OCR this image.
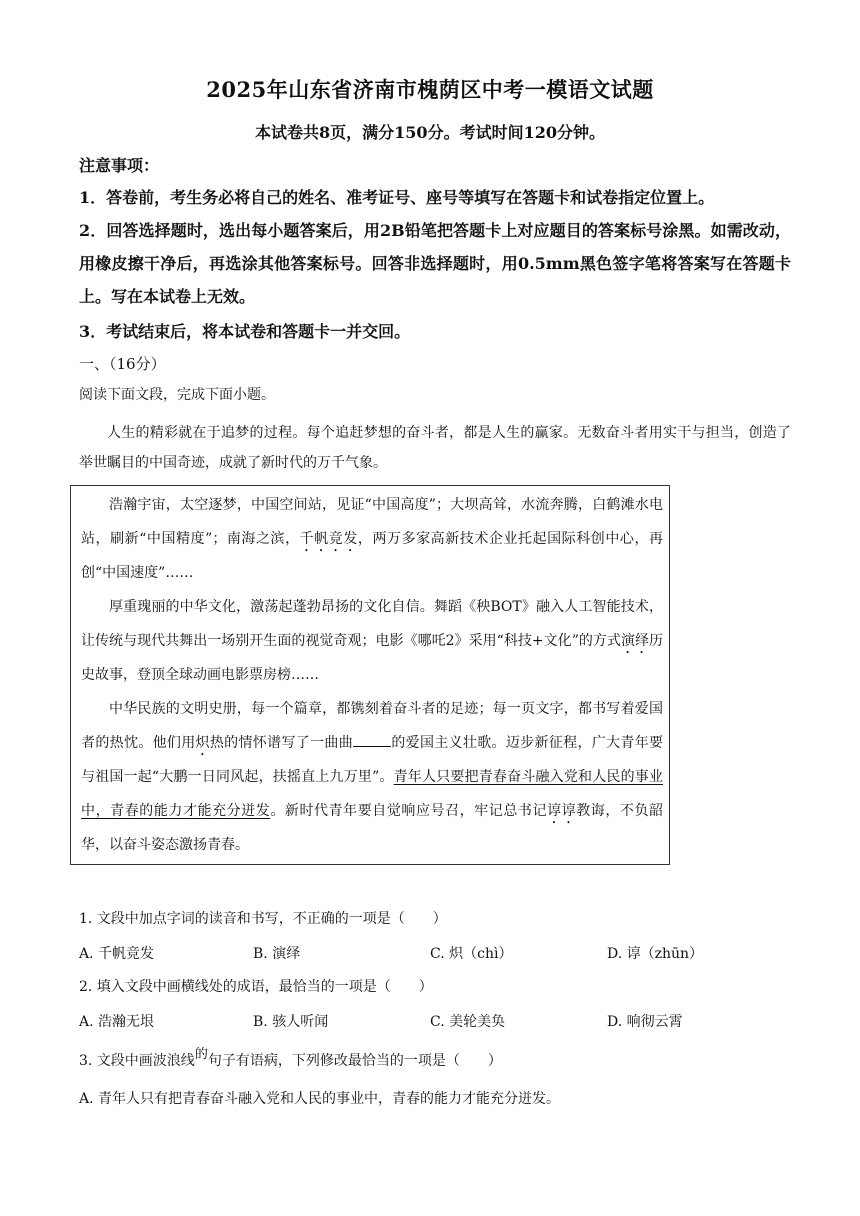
2025年山东省济南市槐荫区中考一模语文试题
本试卷共8页，满分150分。考试时间120分钟。
注意事项：
1．答卷前，考生务必将自己的姓名、准考证号、座号等填写在答题卡和试卷指定位置上。
2．回答选择题时，选出每小题答案后，用2B铅笔把答题卡上对应题目的答案标号涂黑。如需改动，用橡皮擦干净后，再选涂其他答案标号。回答非选择题时，用0.5mm黑色签字笔将答案写在答题卡上。写在本试卷上无效。
3．考试结束后，将本试卷和答题卡一并交回。
一、（16分）
阅读下面文段，完成下面小题。
人生的精彩就在于追梦的过程。每个追赶梦想的奋斗者，都是人生的赢家。无数奋斗者用实干与担当，创造了举世瞩目的中国奇迹，成就了新时代的万千气象。
浩瀚宇宙，太空逐梦，中国空间站，见证“中国高度”；大坝高耸，水流奔腾，白鹤滩水电站，刷新“中国精度”；南海之滨，千帆竞发，两万多家高新技术企业托起国际科创中心，再创“中国速度”……
厚重瑰丽的中华文化，激荡起蓬勃昂扬的文化自信。舞蹈《秧BOT》融入人工智能技术，让传统与现代共舞出一场别开生面的视觉奇观；电影《哪吒2》采用“科技+文化”的方式演绎历史故事，登顶全球动画电影票房榜……
中华民族的文明史册，每一个篇章，都镌刻着奋斗者的足迹；每一页文字，都书写着爱国者的热忱。他们用炽热的情怀谱写了一曲曲	的爱国主义壮歌。迈步新征程，广大青年要与祖国一起“大鹏一日同风起，扶摇直上九万里”。青年人只要把青春奋斗融入党和人民的事业中，青春的能力才能充分迸发。新时代青年要自觉响应号召，牢记总书记谆谆教诲，不负韶华，以奋斗姿态激扬青春。
1. 文段中加点字词的读音和书写，不正确的一项是（　　）
A. 千帆竞发	B. 演绎	C. 炽（chì）	D. 谆（zhūn）
2. 填入文段中画横线处的成语，最恰当的一项是（　　）
A. 浩瀚无垠	B. 骇人听闻	C. 美轮美奂	D. 响彻云霄
3. 文段中画波浪线的句子有语病，下列修改最恰当的一项是（　　）
A. 青年人只有把青春奋斗融入党和人民的事业中，青春的能力才能充分迸发。
